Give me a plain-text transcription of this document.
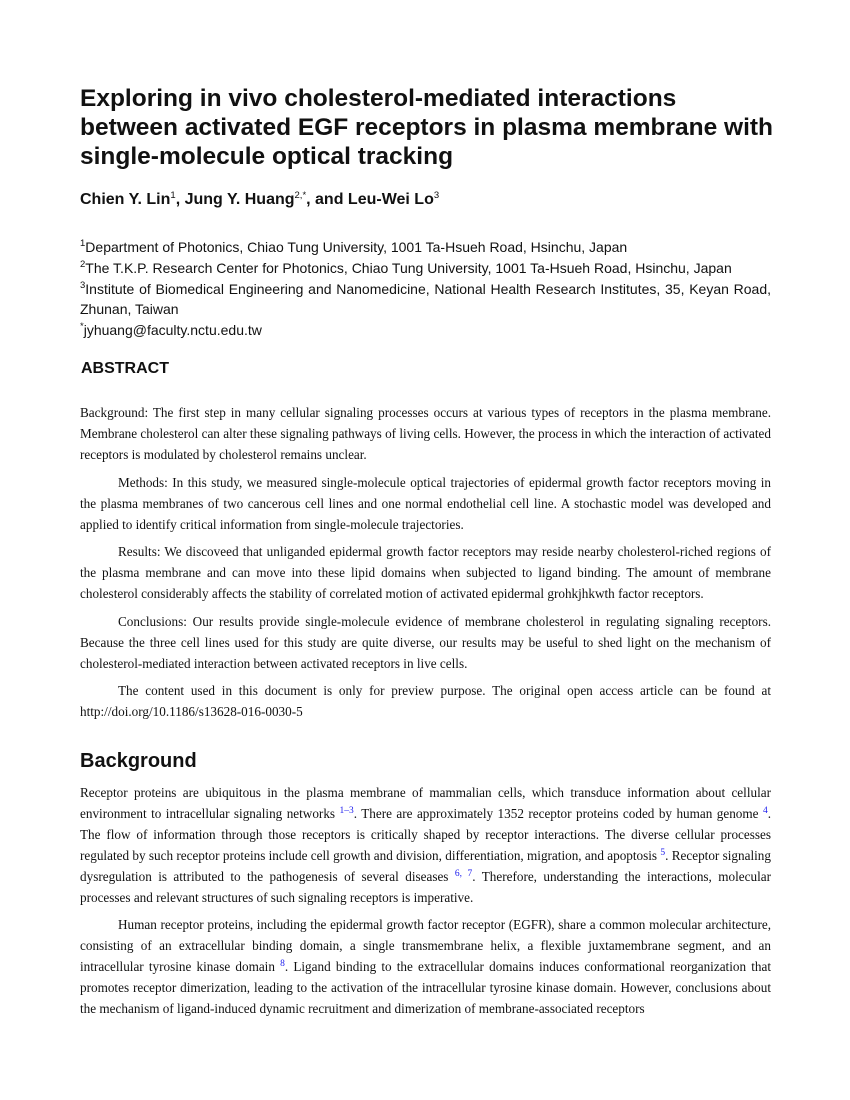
Exploring in vivo cholesterol-mediated interactions between activated EGF receptors in plasma membrane with single-molecule optical tracking
Chien Y. Lin$^1$, Jung Y. Huang$^{2,*}$, and Leu-Wei Lo$^3$

$^1$Department of Photonics, Chiao Tung University, 1001 Ta-Hsueh Road, Hsinchu, Japan

$^2$The T.K.P. Research Center for Photonics, Chiao Tung University, 1001 Ta-Hsueh Road, Hsinchu, Japan

$^3$Institute of Biomedical Engineering and Nanomedicine, National Health Research Institutes, 35, Keyan Road, Zhunan, Taiwan

*jyhuang@faculty.nctu.edu.tw

ABSTRACT

Background: The first step in many cellular signaling processes occurs at various types of receptors in the plasma membrane. Membrane cholesterol can alter these signaling pathways of living cells. However, the process in which the interaction of activated receptors is modulated by cholesterol remains unclear.

Methods: In this study, we measured single-molecule optical trajectories of epidermal growth factor receptors moving in the plasma membranes of two cancerous cell lines and one normal endothelial cell line. A stochastic model was developed and applied to identify critical information from single-molecule trajectories.

Results: We discoveed that unliganded epidermal growth factor receptors may reside nearby cholesterol-riched regions of the plasma membrane and can move into these lipid domains when subjected to ligand binding. The amount of membrane cholesterol considerably affects the stability of correlated motion of activated epidermal grohkjhkwth factor receptors.

Conclusions: Our results provide single-molecule evidence of membrane cholesterol in regulating signaling receptors. Because the three cell lines used for this study are quite diverse, our results may be useful to shed light on the mechanism of cholesterol-mediated interaction between activated receptors in live cells.

The content used in this document is only for preview purpose. The original open access article can be found at http://doi.org/10.1186/s13628-016-0030-5

Background

Receptor proteins are ubiquitous in the plasma membrane of mammalian cells, which transduce information about cellular environment to intracellular signaling networks $^{1-3}$. There are approximately 1352 receptor proteins coded by human genome $^4$. The flow of information through those receptors is critically shaped by receptor interactions. The diverse cellular processes regulated by such receptor proteins include cell growth and division, differentiation, migration, and apoptosis $^5$. Receptor signaling dysregulation is attributed to the pathogenesis of several diseases $^{6, 7}$. Therefore, understanding the interactions, molecular processes and relevant structures of such signaling receptors is imperative.

Human receptor proteins, including the epidermal growth factor receptor (EGFR), share a common molecular architecture, consisting of an extracellular binding domain, a single transmembrane helix, a flexible juxtamembrane segment, and an intracellular tyrosine kinase domain $^8$. Ligand binding to the extracellular domains induces conformational reorganization that promotes receptor dimerization, leading to the activation of the intracellular tyrosine kinase domain. However, conclusions about the mechanism of ligand-induced dynamic recruitment and dimerization of membrane-associated receptors
